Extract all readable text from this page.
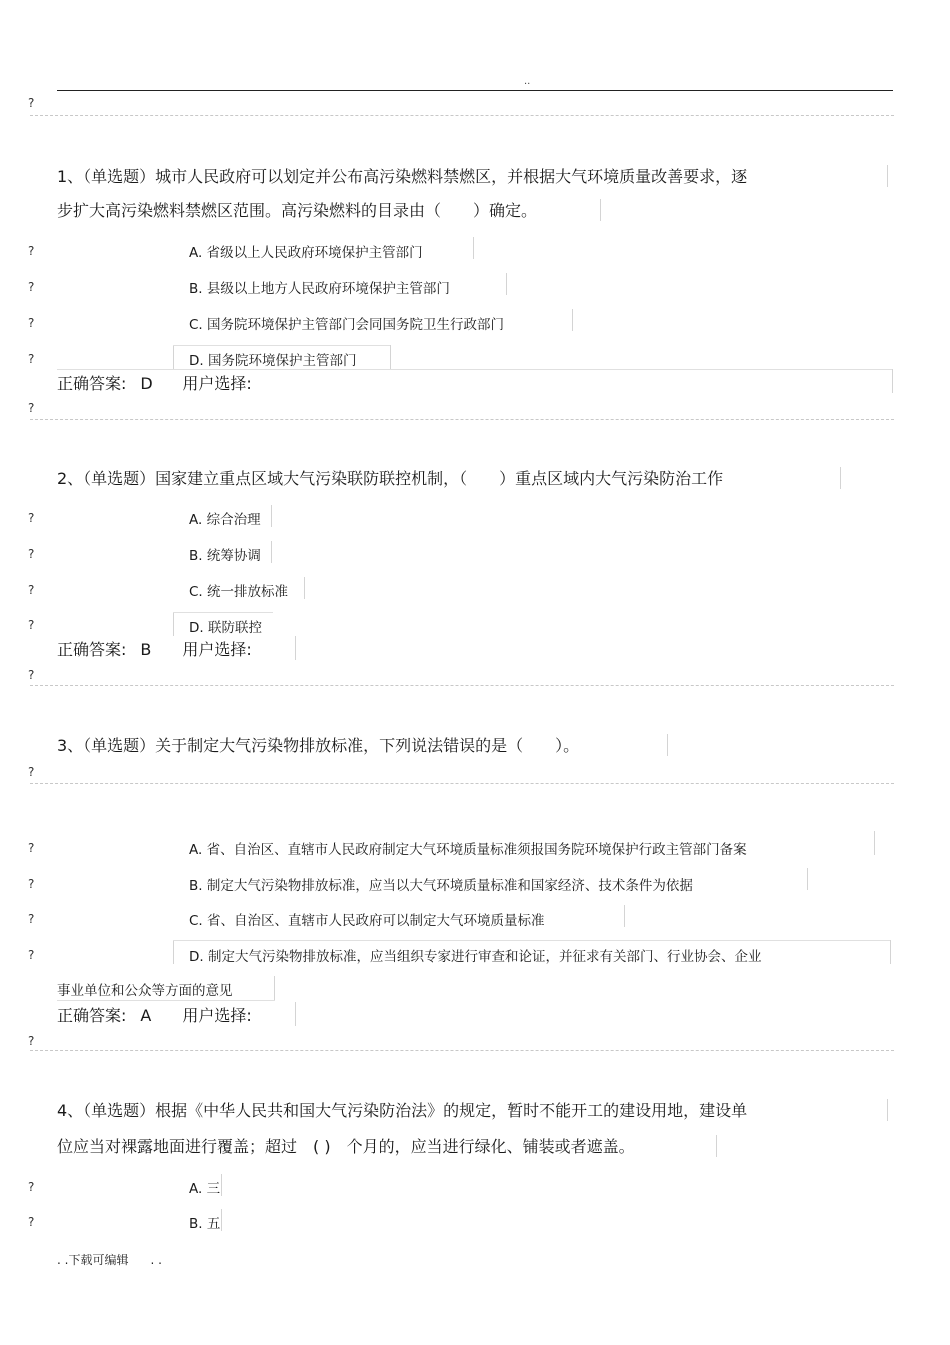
..
?
1、（单选题）城市人民政府可以划定并公布高污染燃料禁燃区，并根据大气环境质量改善要求，逐
步扩大高污染燃料禁燃区范围。高污染燃料的目录由（　　）确定。
?	A. 省级以上人民政府环境保护主管部门
?	B. 县级以上地方人民政府环境保护主管部门
?	C. 国务院环境保护主管部门会同国务院卫生行政部门
?	D. 国务院环境保护主管部门
正确答案: D 用户选择:
?
2、（单选题）国家建立重点区域大气污染联防联控机制，（　　）重点区域内大气污染防治工作
?	A. 综合治理
?	B. 统筹协调
?	C. 统一排放标准
?	D. 联防联控
正确答案: B 用户选择:
?
3、（单选题）关于制定大气污染物排放标准，下列说法错误的是（　　）。
?
?	A. 省、自治区、直辖市人民政府制定大气环境质量标准须报国务院环境保护行政主管部门备案
?	B. 制定大气污染物排放标准，应当以大气环境质量标准和国家经济、技术条件为依据
?	C. 省、自治区、直辖市人民政府可以制定大气环境质量标准
?	D. 制定大气污染物排放标准，应当组织专家进行审查和论证，并征求有关部门、行业协会、企业
事业单位和公众等方面的意见
正确答案: A 用户选择:
?
4、（单选题）根据《中华人民共和国大气污染防治法》的规定，暂时不能开工的建设用地，建设单
位应当对裸露地面进行覆盖；超过　( )　个月的，应当进行绿化、铺装或者遮盖。
?	A. 三
?	B. 五
. .下载可编辑 . .
